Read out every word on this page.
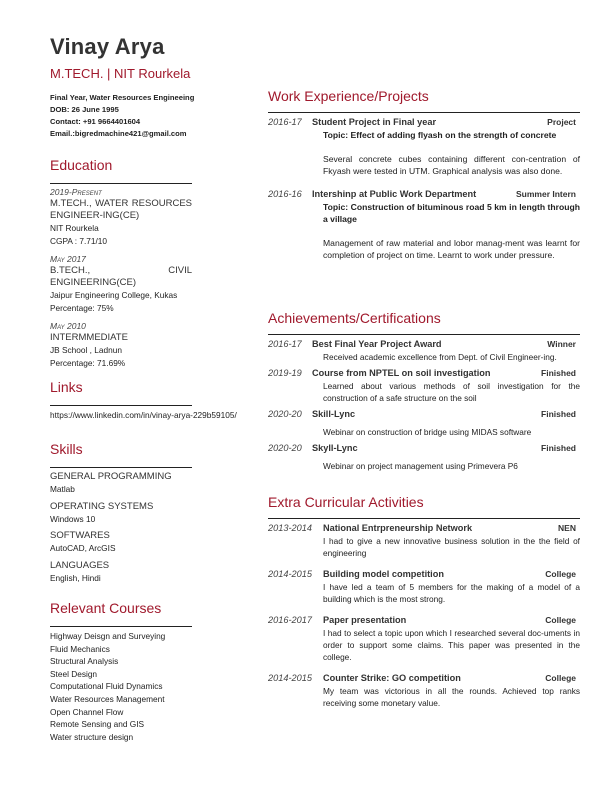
Vinay Arya
M.TECH. | NIT Rourkela
Final Year, Water Resources Engineeing
DOB: 26 June 1995
Contact: +91 9664401604
Email.:bigredmachine421@gmail.com
Education
2019-Present
M.TECH., WATER RESOURCES ENGINEER-ING(CE)
NIT Rourkela
CGPA : 7.71/10
May 2017
B.TECH., CIVIL ENGINEERING(CE)
Jaipur Engineering College, Kukas
Percentage: 75%
May 2010
INTERMMEDIATE
JB School , Ladnun
Percentage: 71.69%
Links
https://www.linkedin.com/in/vinay-arya-229b59105/
Skills
GENERAL PROGRAMMING
Matlab
OPERATING SYSTEMS
Windows 10
SOFTWARES
AutoCAD, ArcGIS
LANGUAGES
English, Hindi
Relevant Courses
Highway Deisgn and Surveying
Fluid Mechanics
Structural Analysis
Steel Design
Computational Fluid Dynamics
Water Resources Management
Open Channel Flow
Remote Sensing and GIS
Water structure design
Work Experience/Projects
2016-17 Student Project in Final year	Project

Topic: Effect of adding flyash on the strength of concrete

Several concrete cubes containing different con-centration of Fkyash were tested in UTM. Graphical analysis was also done.

2016-16 Intershinp at Public Work Department	Summer Intern

Topic: Construction of bituminous road 5 km in length through a village

Management of raw material and lobor manag-ment was learnt for completion of project on time. Learnt to work under pressure.

Achievements/Certifications
2016-17 Best Final Year Project Award	Winner
Received academic excellence from Dept. of Civil Engineer-ing.
2019-19 Course from NPTEL on soil investigation	Finished
Learned about various methods of soil investigation for the construction of a safe structure on the soil
2020-20 Skill-Lync	Finished
Webinar on construction of bridge using MIDAS software
2020-20 Skyll-Lync	Finished
Webinar on project management using Primevera P6
Extra Curricular Activities
2013-2014 National Entrpreneurship Network	NEN
I had to give a new innovative business solution in the the field of engineering
2014-2015 Building model competition	College
I have led a team of 5 members for the making of a model of a building which is the most strong.
2016-2017 Paper presentation	College
I had to select a topic upon which I researched several doc-uments in order to support some claims. This paper was presented in the college.
2014-2015 Counter Strike: GO competition	College
My team was victorious in all the rounds. Achieved top ranks receiving some monetary value.
